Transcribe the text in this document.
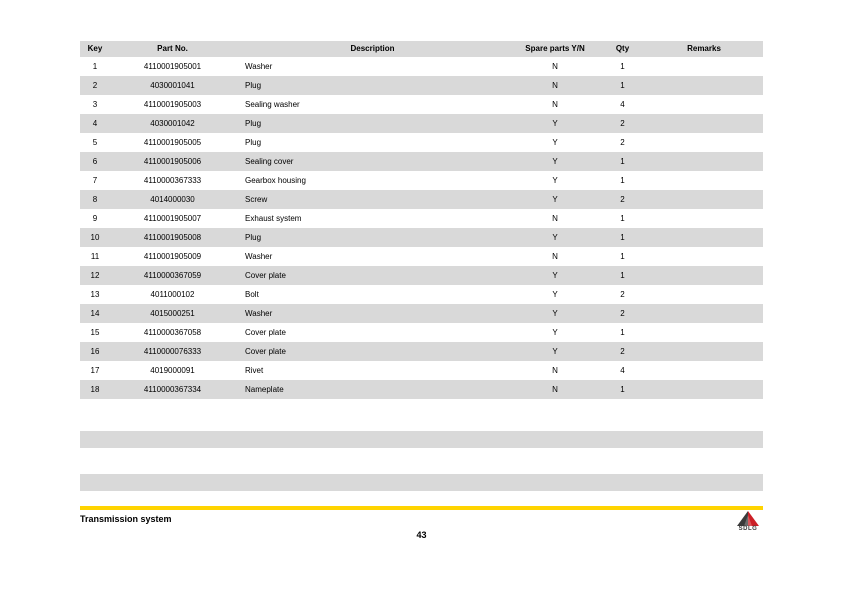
Key	Part No.	Description	Spare parts Y/N	Qty	Remarks
1	4110001905001	Washer	N	1	
2	4030001041	Plug	N	1	
3	4110001905003	Sealing washer	N	4	
4	4030001042	Plug	Y	2	
5	4110001905005	Plug	Y	2	
6	4110001905006	Sealing cover	Y	1	
7	4110000367333	Gearbox housing	Y	1	
8	4014000030	Screw	Y	2	
9	4110001905007	Exhaust system	N	1	
10	4110001905008	Plug	Y	1	
11	4110001905009	Washer	N	1	
12	4110000367059	Cover plate	Y	1	
13	4011000102	Bolt	Y	2	
14	4015000251	Washer	Y	2	
15	4110000367058	Cover plate	Y	1	
16	4110000076333	Cover plate	Y	2	
17	4019000091	Rivet	N	4	
18	4110000367334	Nameplate	N	1	
Transmission system
43
SDLG
